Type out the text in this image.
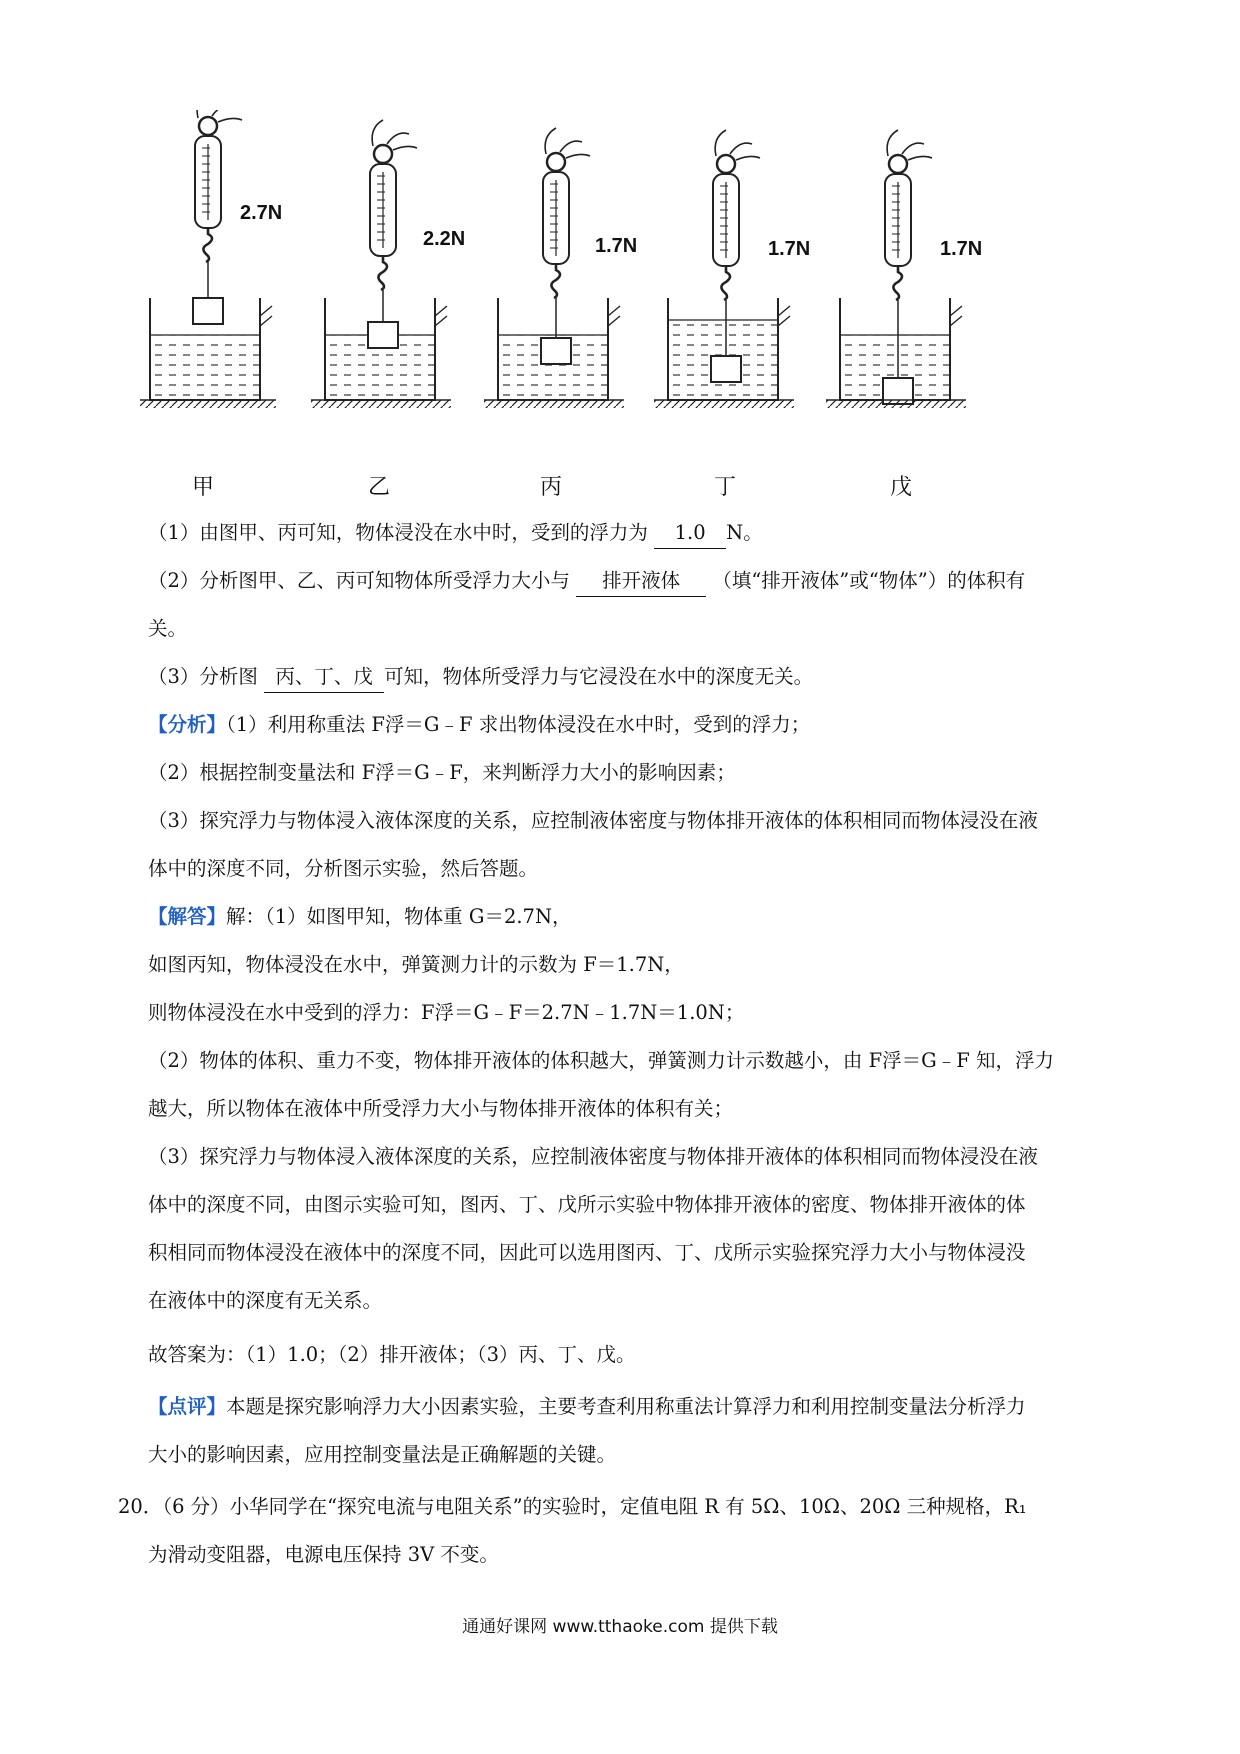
甲	乙	丙	丁	戊
2.7N
2.2N	1.7N	1.7N	1.7N
（1）由图甲、丙可知，物体浸没在水中时，受到的浮力为 1.0 N。
（2）分析图甲、乙、丙可知物体所受浮力大小与 排开液体 （填“排开液体”或“物体”）的体积有
关。
（3）分析图 丙、丁、戊 可知，物体所受浮力与它浸没在水中的深度无关。
【分析】（1）利用称重法 F浮＝G﹣F 求出物体浸没在水中时，受到的浮力；
（2）根据控制变量法和 F浮＝G﹣F，来判断浮力大小的影响因素；
（3）探究浮力与物体浸入液体深度的关系，应控制液体密度与物体排开液体的体积相同而物体浸没在液
体中的深度不同，分析图示实验，然后答题。
【解答】解：（1）如图甲知，物体重 G＝2.7N，
如图丙知，物体浸没在水中，弹簧测力计的示数为 F＝1.7N，
则物体浸没在水中受到的浮力：F浮＝G﹣F＝2.7N﹣1.7N＝1.0N；
（2）物体的体积、重力不变，物体排开液体的体积越大，弹簧测力计示数越小，由 F浮＝G﹣F 知，浮力
越大，所以物体在液体中所受浮力大小与物体排开液体的体积有关；
（3）探究浮力与物体浸入液体深度的关系，应控制液体密度与物体排开液体的体积相同而物体浸没在液
体中的深度不同，由图示实验可知，图丙、丁、戊所示实验中物体排开液体的密度、物体排开液体的体
积相同而物体浸没在液体中的深度不同，因此可以选用图丙、丁、戊所示实验探究浮力大小与物体浸没
在液体中的深度有无关系。
故答案为：（1）1.0；（2）排开液体；（3）丙、丁、戊。
【点评】本题是探究影响浮力大小因素实验，主要考查利用称重法计算浮力和利用控制变量法分析浮力
大小的影响因素，应用控制变量法是正确解题的关键。
20．（6 分）小华同学在“探究电流与电阻关系”的实验时，定值电阻 R 有 5Ω、10Ω、20Ω 三种规格，R₁
为滑动变阻器，电源电压保持 3V 不变。
通通好课网 www.tthaoke.com 提供下载
